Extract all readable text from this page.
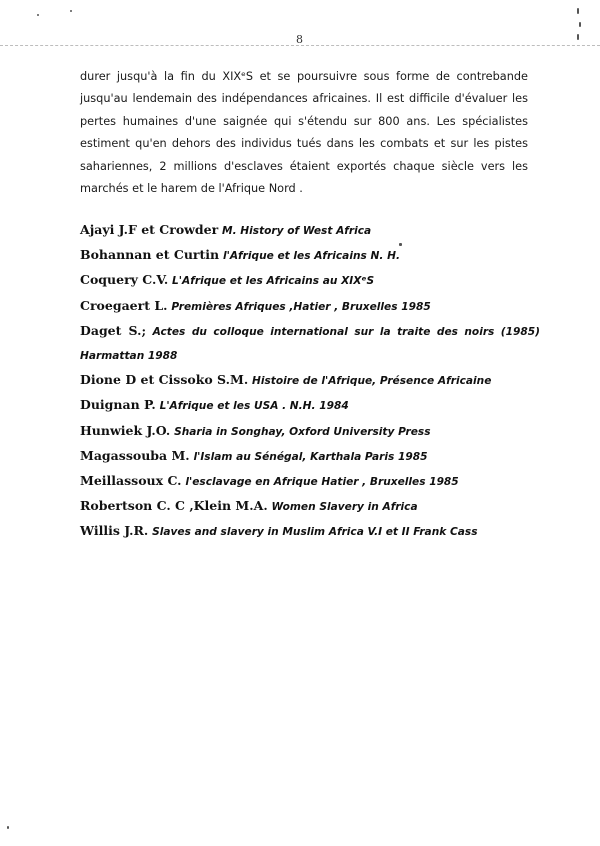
8

durer jusqu'à la fin du XIXᵉS et se poursuivre sous forme de contrebande jusqu'au lendemain des indépendances africaines. Il est difficile d'évaluer les pertes humaines d'une saignée qui s'étendu sur 800 ans. Les spécialistes estiment qu'en dehors des individus tués dans les combats et sur les pistes sahariennes, 2 millions d'esclaves étaient exportés chaque siècle vers les marchés et le harem de l'Afrique Nord .

Ajayi J.F et Crowder M. History of West Africa
Bohannan et Curtin l'Afrique et les Africains N. H.
Coquery C.V. L'Afrique et les Africains au XIXᵉS
Croegaert L. Premières Afriques ,Hatier , Bruxelles 1985
Daget S.; Actes du colloque international sur la traite des noirs (1985) Harmattan 1988
Dione D et Cissoko S.M. Histoire de l'Afrique, Présence Africaine
Duignan P. L'Afrique et les USA . N.H. 1984
Hunwiek J.O. Sharia in Songhay, Oxford University Press
Magassouba M. l'Islam au Sénégal, Karthala Paris 1985
Meillassoux C. l'esclavage en Afrique Hatier , Bruxelles 1985
Robertson C. C ,Klein M.A. Women Slavery in Africa
Willis J.R. Slaves and slavery in Muslim Africa V.I et II Frank Cass
